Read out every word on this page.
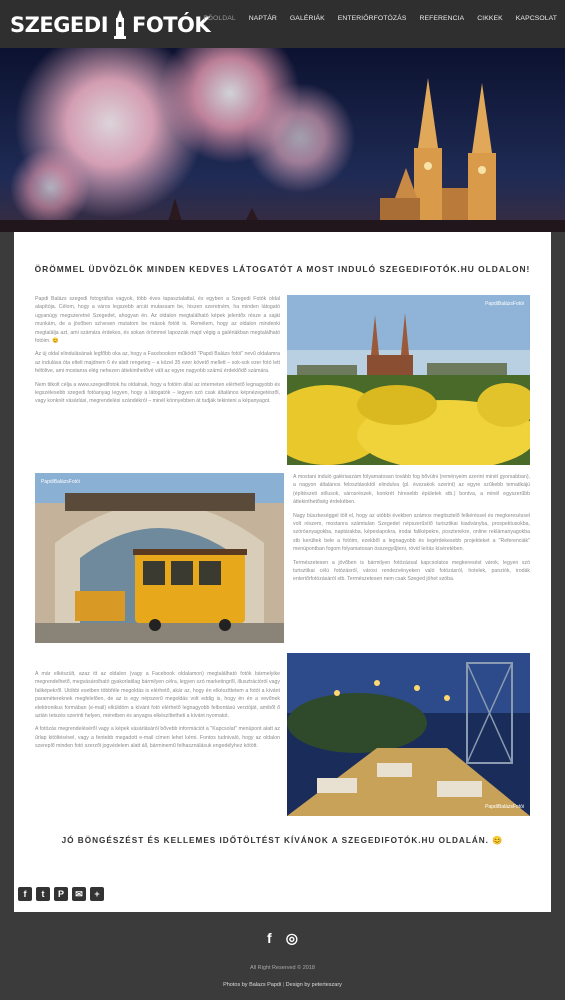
SZEGEDI FOTÓK
FŐOLDAL NAPTÁR GALÉRIÁK ENTERIŐRFOTÓZÁS REFERENCIA CIKKEK KAPCSOLAT
ÖRÖMMEL ÜDVÖZLÖK MINDEN KEDVES LÁTOGATÓT A MOST INDULÓ SZEGEDIFOTÓK.HU OLDALON!

Papdi Balázs szegedi fotográfus vagyok, több éves tapasztalattal, és egyben a Szegedi Fotók oldal alapítója. Célom, hogy a város legszebb arcát mutassam be, hiszen szeretném, ha minden látogató ugyanúgy megszeretné Szegedet, ahogyan én. Az oldalon megtalálható képek jelentős része a saját munkám, de a jövőben szívesen mutatom be mások fotóit is. Remélem, hogy az oldalon mindenki megtalálja azt, ami számára érdekes, és sokan örömmel lapozzák majd végig a galériákban megtalálható fotóim. 😊

Az új oldal elindulásának legfőbb oka az, hogy a Facebookon működő "Papdi Balázs fotói" nevű oldalamra az indulása óta eltelt majdnem 6 év alatt rengeteg – a közel 35 ezer követő mellett – sok-sok ezer fotó lett feltöltve, ami mostanra elég nehezen áttekinthetővé vált az egyre nagyobb számú érdeklődő számára.

Nem titkolt célja a www.szegedifotok.hu oldalnak, hogy a fotóim által az interneten elérhető legnagyobb és legszélesebb szegedi fotóanyag legyen, hogy a látogatók – legyen szó csak általános képnézegetésről, vagy konkrét vásárlási, megrendelési szándékról – minél könnyebben át tudják tekinteni a képanyagot.

PapdiBalázsFotói
PapdiBalázsFotói

A mostani induló galériaszám folyamatosan tovább fog bővülni (reményeim szerint minél gyorsabban), a nagyon általános felosztásoktól elindulva (pl. évszakok szerint) az egyre szűkebb tematikájú (építészeti stílusok, városrészek, konkrét híresebb épületek stb.) bontva, a minél egyszerűbb áttekinthetőség érdekében.

Nagy büszkeséggel tölt el, hogy az utóbbi években számos megtisztelő felkéréssel és megkereséssel volt részem, mostanra számtalan Szegedet népszerűsítő turisztikai kiadványba, prospektusokba, szóróanyagokba, naptárakba, képeslapokra, irodai faliképekre, poszterekre, online reklámanyagokba stb kerültek bele a fotóim, ezekből a legnagyobb és legérdekesebb projekteket a "Referenciák" menüpontban fogom folyamatosan összegyűjteni, rövid leírás kíséretében.

Természetesen a jövőben is bármilyen fotózással kapcsolatos megkeresést várok, legyen szó turisztikai célú fotózásról, városi rendezvényeken való fotózásról, hotelek, panziók, irodák enteriőrfotózásáról stb. Természetesen nem csak Szeged jöhet szóba.

A már elkészült, azaz itt az oldalon (vagy a Facebook oldalamon) megtalálható fotók bármelyike megrendelhető, megvásárolható gyakorlatilag bármilyen célra, legyen szó marketingről, illusztrációról vagy faliképekről. Utóbbi esetben többféle megoldás is elérhető, akár az, hogy én elkészíttetem a fotót a kívánt paramétereknek megfelelően, de az is egy népszerű megoldás volt eddig is, hogy én én a vevőnek elektronikus formában (e-mail) elküldöm a kívánt fotó elérhető legnagyobb felbontású verzióját, amiből ő aztán tetszés szerinti helyen, méretben és anyagra elkészíttetheti a kívánt nyomatot.

A fotózás megrendeléséről vagy a képek vásárlásáról bővebb információt a "Kapcsolat" menüpont alatt az űrlap kitöltésével, vagy a fentebb megadott e-mail címen lehet kérni. Fontos tudnivaló, hogy az oldalon szereplő minden fotó szerzői jogvédelem alatt áll, bárminemű felhasználásuk engedélyhez kötött.

PapdiBalázsFotói
JÓ BÖNGÉSZÉST ÉS KELLEMES IDŐTÖLTÉST KÍVÁNOK A SZEGEDIFOTÓK.HU OLDALÁN. 😊
f t P ✉ +
f ◎
All Right Reserved © 2018
Photos by Balazs Papdi | Design by peterteszary
